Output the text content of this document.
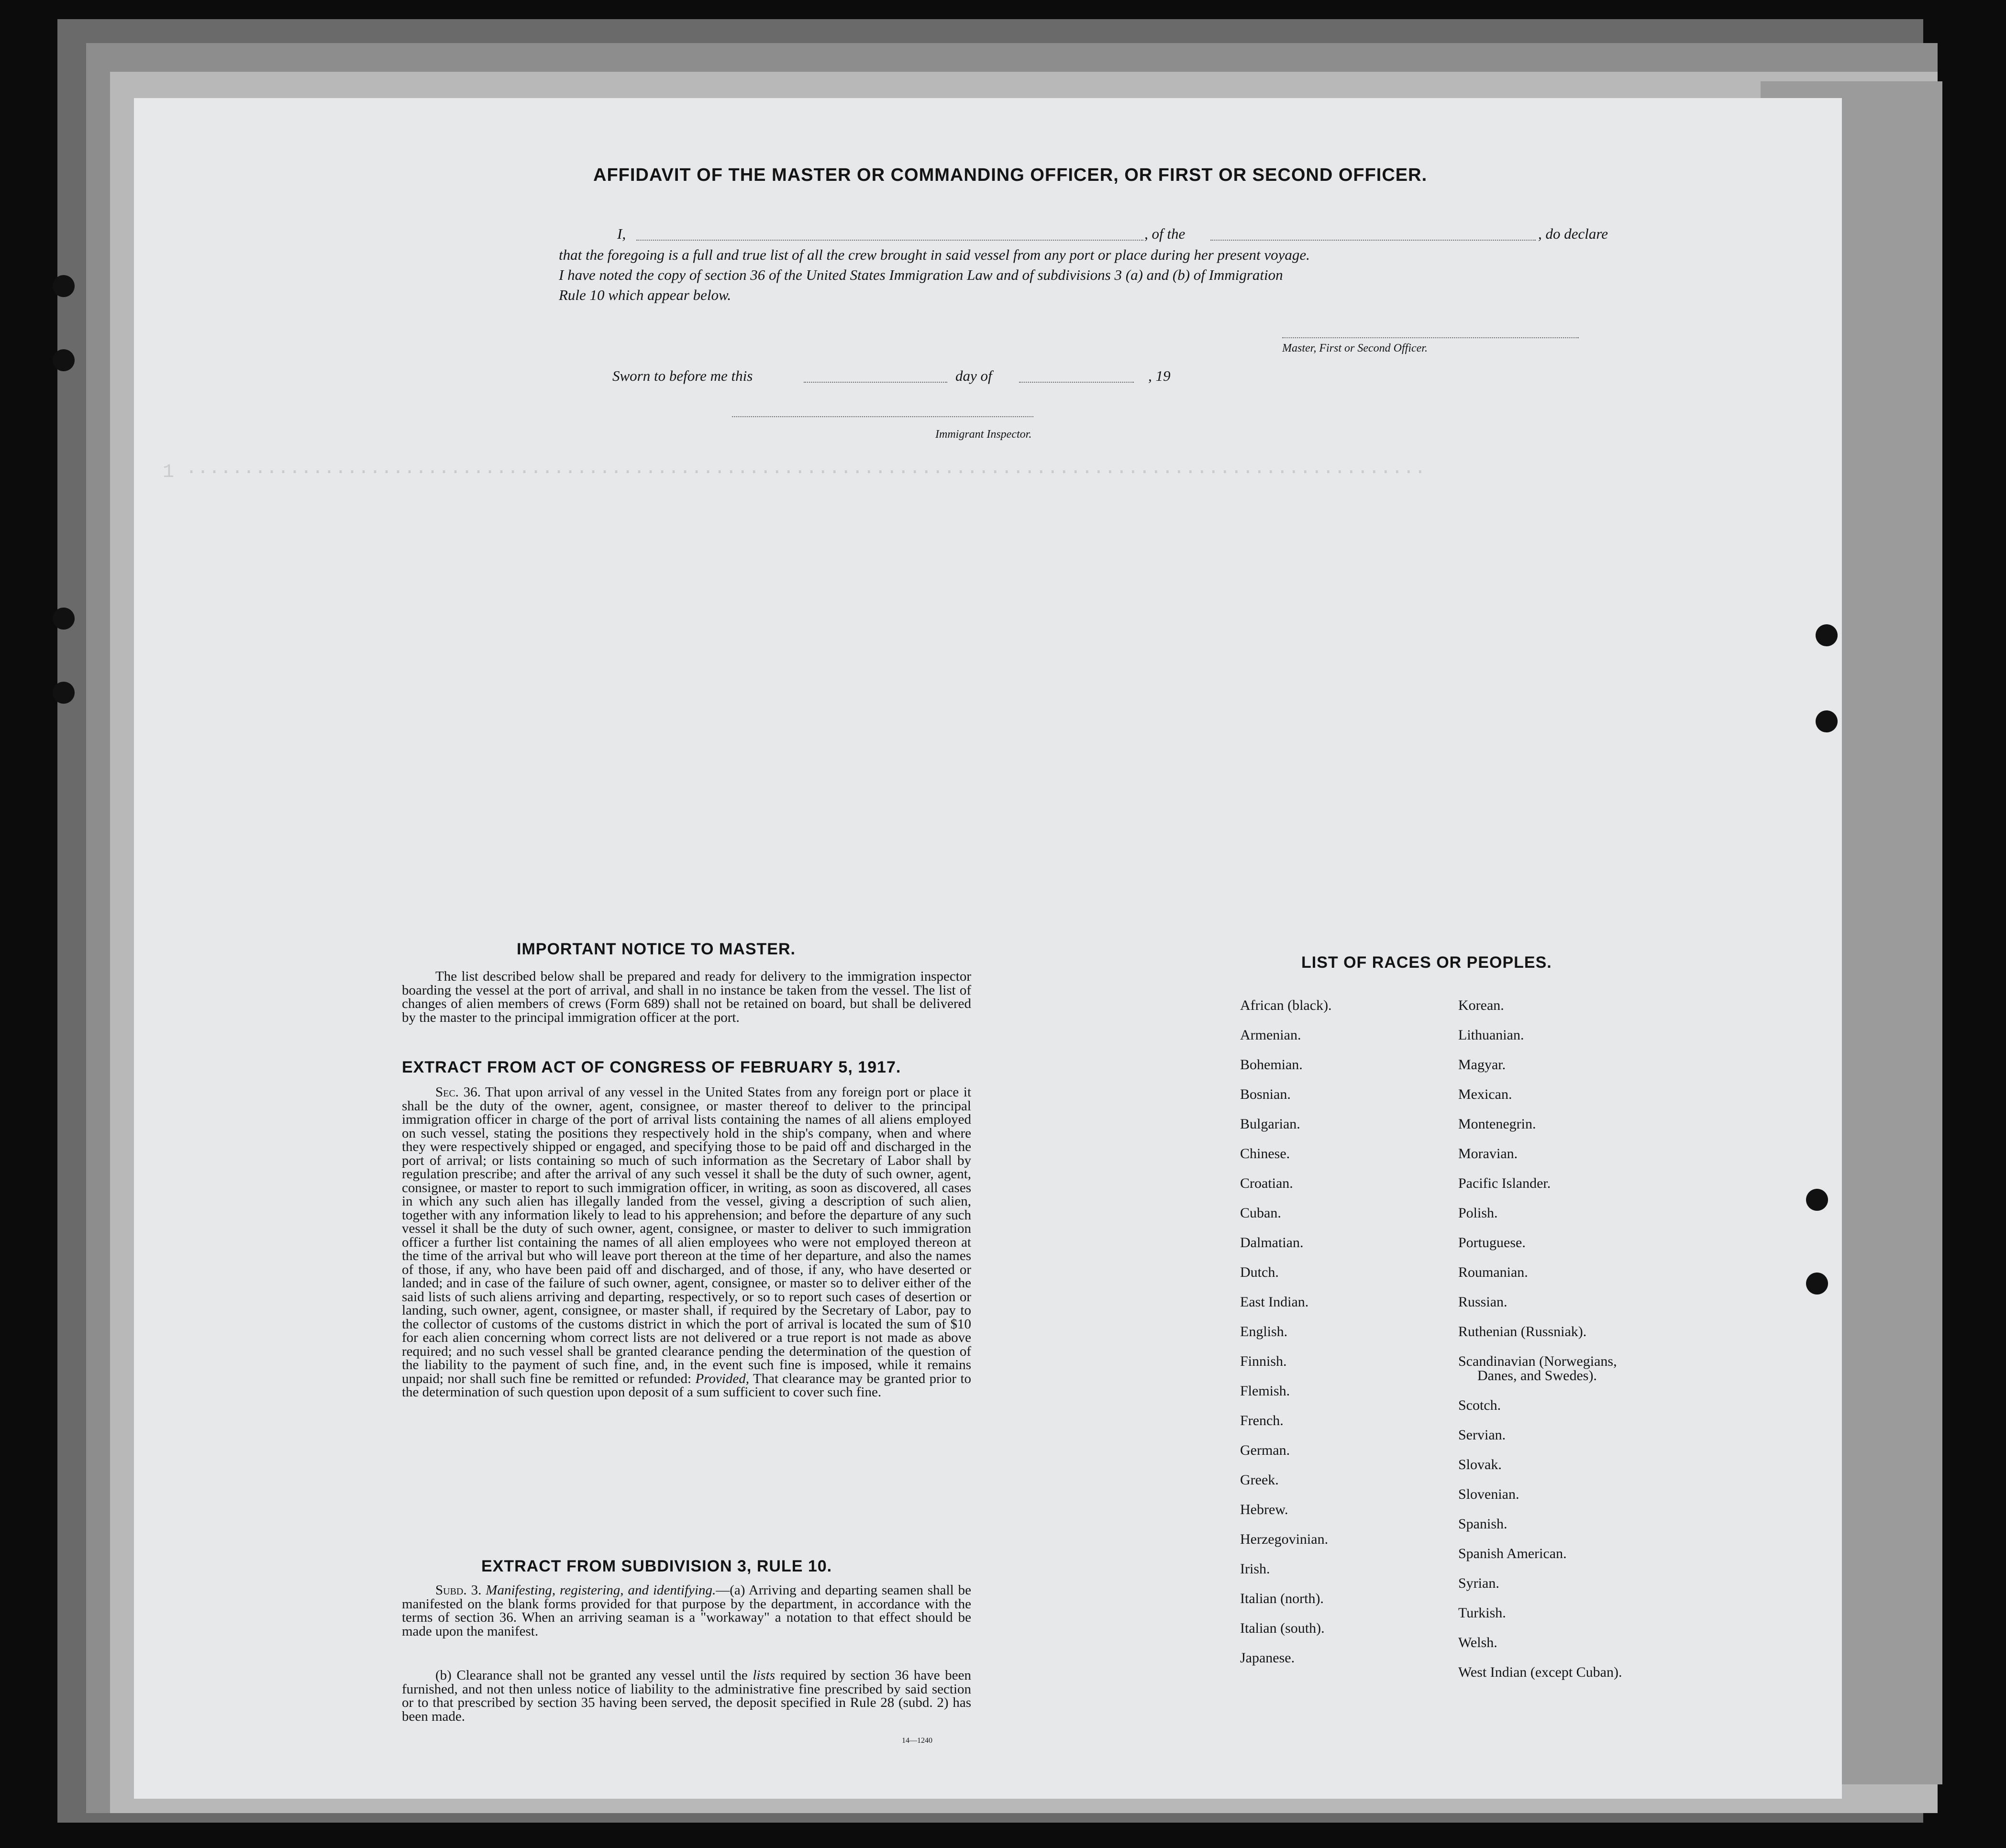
1 ············································································································
AFFIDAVIT OF THE MASTER OR COMMANDING OFFICER, OR FIRST OR SECOND OFFICER.
I,	, of the	, do declare
that the foregoing is a full and true list of all the crew brought in said vessel from any port or place during her present voyage.
I have noted the copy of section 36 of the United States Immigration Law and of subdivisions 3 (a) and (b) of Immigration
Rule 10 which appear below.
Master, First or Second Officer.
Sworn to before me this	day of	, 19
Immigrant Inspector.
IMPORTANT NOTICE TO MASTER.
The list described below shall be prepared and ready for delivery to the immigration inspector boarding the vessel at the port of arrival, and shall in no instance be taken from the vessel. The list of changes of alien members of crews (Form 689) shall not be retained on board, but shall be delivered by the master to the principal immigration officer at the port.
EXTRACT FROM ACT OF CONGRESS OF FEBRUARY 5, 1917.
Sec. 36. That upon arrival of any vessel in the United States from any foreign port or place it shall be the duty of the owner, agent, consignee, or master thereof to deliver to the principal immigration officer in charge of the port of arrival lists containing the names of all aliens employed on such vessel, stating the positions they respectively hold in the ship's company, when and where they were respectively shipped or engaged, and specifying those to be paid off and discharged in the port of arrival; or lists containing so much of such information as the Secretary of Labor shall by regulation prescribe; and after the arrival of any such vessel it shall be the duty of such owner, agent, consignee, or master to report to such immigration officer, in writing, as soon as discovered, all cases in which any such alien has illegally landed from the vessel, giving a description of such alien, together with any information likely to lead to his apprehension; and before the departure of any such vessel it shall be the duty of such owner, agent, consignee, or master to deliver to such immigration officer a further list containing the names of all alien employees who were not employed thereon at the time of the arrival but who will leave port thereon at the time of her departure, and also the names of those, if any, who have been paid off and discharged, and of those, if any, who have deserted or landed; and in case of the failure of such owner, agent, consignee, or master so to deliver either of the said lists of such aliens arriving and departing, respectively, or so to report such cases of desertion or landing, such owner, agent, consignee, or master shall, if required by the Secretary of Labor, pay to the collector of customs of the customs district in which the port of arrival is located the sum of $10 for each alien concerning whom correct lists are not delivered or a true report is not made as above required; and no such vessel shall be granted clearance pending the determination of the question of the liability to the payment of such fine, and, in the event such fine is imposed, while it remains unpaid; nor shall such fine be remitted or refunded: Provided, That clearance may be granted prior to the determination of such question upon deposit of a sum sufficient to cover such fine.
EXTRACT FROM SUBDIVISION 3, RULE 10.
Subd. 3. Manifesting, registering, and identifying.—(a) Arriving and departing seamen shall be manifested on the blank forms provided for that purpose by the department, in accordance with the terms of section 36. When an arriving seaman is a "workaway" a notation to that effect should be made upon the manifest.
(b) Clearance shall not be granted any vessel until the lists required by section 36 have been furnished, and not then unless notice of liability to the administrative fine prescribed by said section or to that prescribed by section 35 having been served, the deposit specified in Rule 28 (subd. 2) has been made.
14—1240
LIST OF RACES OR PEOPLES.
African (black).
Armenian.
Bohemian.
Bosnian.
Bulgarian.
Chinese.
Croatian.
Cuban.
Dalmatian.
Dutch.
East Indian.
English.
Finnish.
Flemish.
French.
German.
Greek.
Hebrew.
Herzegovinian.
Irish.
Italian (north).
Italian (south).
Japanese.
Korean.
Lithuanian.
Magyar.
Mexican.
Montenegrin.
Moravian.
Pacific Islander.
Polish.
Portuguese.
Roumanian.
Russian.
Ruthenian (Russniak).
Scandinavian (Norwegians,
Danes, and Swedes).
Scotch.
Servian.
Slovak.
Slovenian.
Spanish.
Spanish American.
Syrian.
Turkish.
Welsh.
West Indian (except Cuban).
